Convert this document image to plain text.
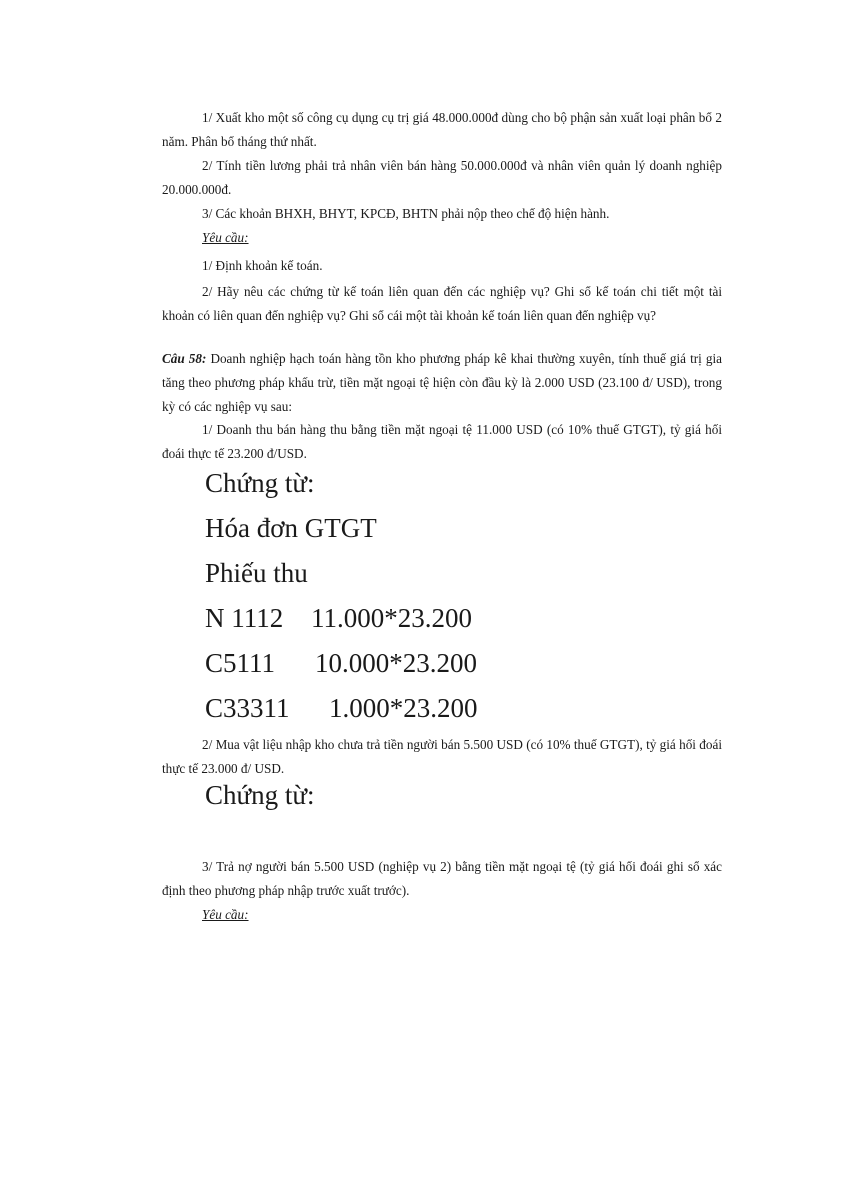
1/ Xuất kho một số công cụ dụng cụ trị giá 48.000.000đ dùng cho bộ phận sản xuất loại phân bổ 2 năm. Phân bổ tháng thứ nhất.

2/ Tính tiền lương phải trả nhân viên bán hàng 50.000.000đ và nhân viên quản lý doanh nghiệp 20.000.000đ.

3/ Các khoản BHXH, BHYT, KPCĐ, BHTN phải nộp theo chế độ hiện hành.

Yêu cầu:

1/ Định khoản kế toán.

2/ Hãy nêu các chứng từ kế toán liên quan đến các nghiệp vụ? Ghi sổ kế toán chi tiết một tài khoản có liên quan đến nghiệp vụ? Ghi sổ cái một tài khoản kế toán liên quan đến nghiệp vụ?

Câu 58: Doanh nghiệp hạch toán hàng tồn kho phương pháp kê khai thường xuyên, tính thuế giá trị gia tăng theo phương pháp khấu trừ, tiền mặt ngoại tệ hiện còn đầu kỳ là 2.000 USD (23.100 đ/ USD), trong kỳ có các nghiệp vụ sau:

1/ Doanh thu bán hàng thu bằng tiền mặt ngoại tệ 11.000 USD (có 10% thuế GTGT), tỷ giá hối đoái thực tế 23.200 đ/USD.

Chứng từ:

Hóa đơn GTGT

Phiếu thu

N 1112 11.000*23.200
C5111 10.000*23.200
C33311 1.000*23.200

2/ Mua vật liệu nhập kho chưa trả tiền người bán 5.500 USD (có 10% thuế GTGT), tỷ giá hối đoái thực tế 23.000 đ/ USD.

Chứng từ:

3/ Trả nợ người bán 5.500 USD (nghiệp vụ 2) bằng tiền mặt ngoại tệ (tỷ giá hối đoái ghi sổ xác định theo phương pháp nhập trước xuất trước).

Yêu cầu:
